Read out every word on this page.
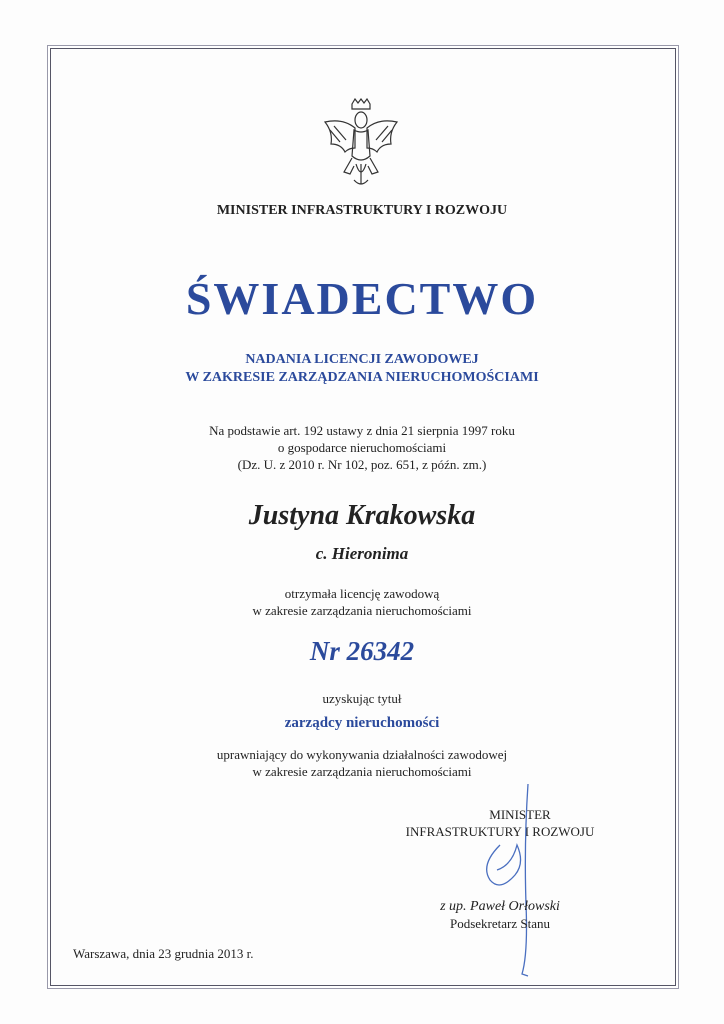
MINISTER INFRASTRUKTURY I ROZWOJU
ŚWIADECTWO
NADANIA LICENCJI ZAWODOWEJ
W ZAKRESIE ZARZĄDZANIA NIERUCHOMOŚCIAMI
Na podstawie art. 192 ustawy z dnia 21 sierpnia 1997 roku
o gospodarce nieruchomościami
(Dz. U. z 2010 r. Nr 102, poz. 651, z późn. zm.)
Justyna Krakowska
c. Hieronima
otrzymała licencję zawodową
w zakresie zarządzania nieruchomościami
Nr 26342
uzyskując tytuł
zarządcy nieruchomości
uprawniający do wykonywania działalności zawodowej
w zakresie zarządzania nieruchomościami
MINISTER
INFRASTRUKTURY I ROZWOJU
z up. Paweł Orłowski
Podsekretarz Stanu
Warszawa, dnia 23 grudnia 2013 r.
